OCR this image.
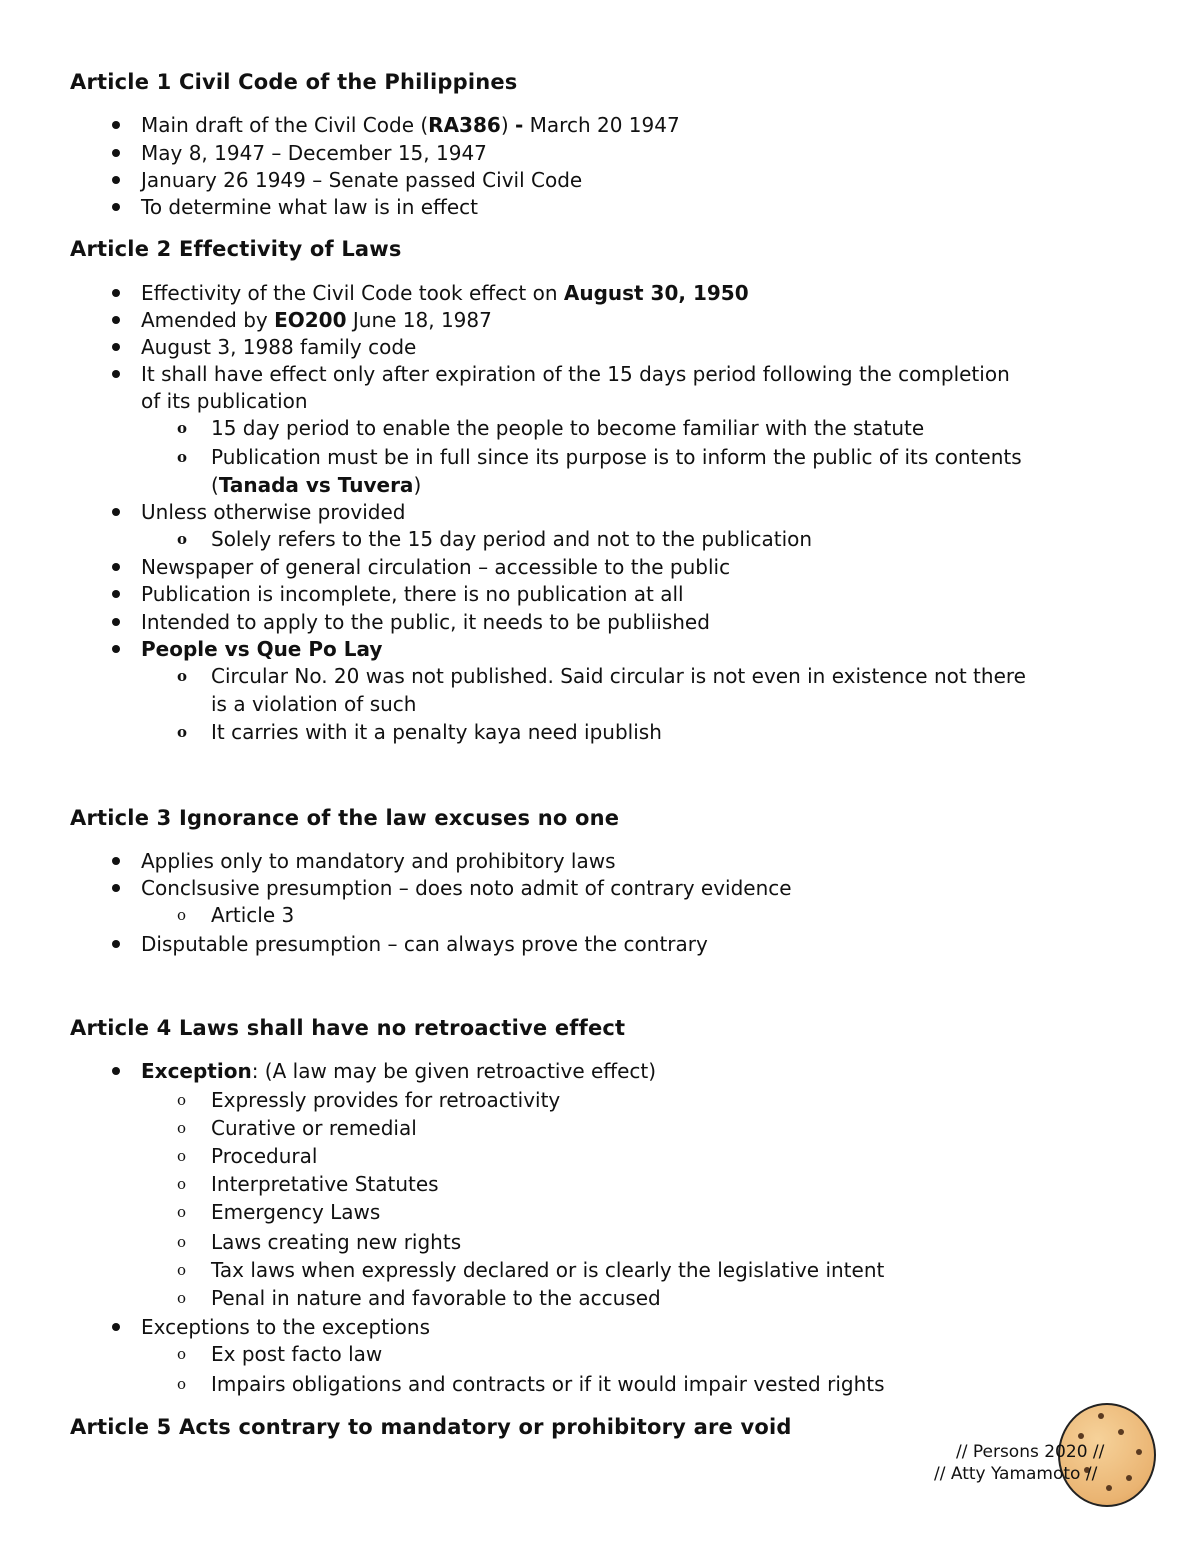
Article 1 Civil Code of the Philippines
Main draft of the Civil Code (RA386) - March 20 1947
May 8, 1947 – December 15, 1947
January 26 1949 – Senate passed Civil Code
To determine what law is in effect
Article 2 Effectivity of Laws
Effectivity of the Civil Code took effect on August 30, 1950
Amended by EO200 June 18, 1987
August 3, 1988 family code
It shall have effect only after expiration of the 15 days period following the completion
of its publication
o 15 day period to enable the people to become familiar with the statute
o Publication must be in full since its purpose is to inform the public of its contents
(Tanada vs Tuvera)
Unless otherwise provided
o Solely refers to the 15 day period and not to the publication
Newspaper of general circulation – accessible to the public
Publication is incomplete, there is no publication at all
Intended to apply to the public, it needs to be publiished
People vs Que Po Lay
o Circular No. 20 was not published. Said circular is not even in existence not there
is a violation of such
o It carries with it a penalty kaya need ipublish
Article 3 Ignorance of the law excuses no one
Applies only to mandatory and prohibitory laws
Conclsusive presumption – does noto admit of contrary evidence
o Article 3
Disputable presumption – can always prove the contrary
Article 4 Laws shall have no retroactive effect
Exception: (A law may be given retroactive effect)
o Expressly provides for retroactivity
o Curative or remedial
o Procedural
o Interpretative Statutes
o Emergency Laws
o Laws creating new rights
o Tax laws when expressly declared or is clearly the legislative intent
o Penal in nature and favorable to the accused
Exceptions to the exceptions
o Ex post facto law
o Impairs obligations and contracts or if it would impair vested rights
Article 5 Acts contrary to mandatory or prohibitory are void
// Persons 2020 //
// Atty Yamamoto //
